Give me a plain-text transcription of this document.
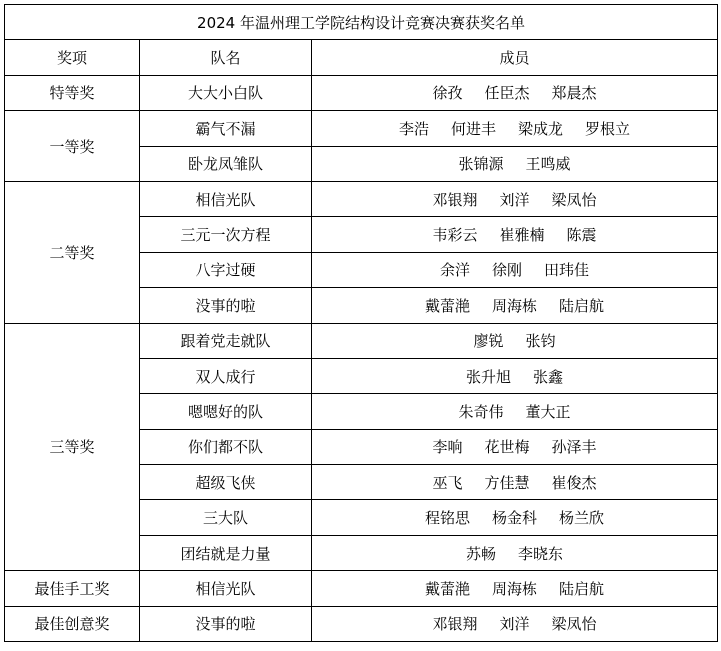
2024 年温州理工学院结构设计竞赛决赛获奖名单		
奖项	队名	成员
特等奖	大大小白队	徐孜 任臣杰 郑晨杰
一等奖	霸气不漏	李浩 何进丰 梁成龙 罗根立
	卧龙凤雏队	张锦源 王鸣威
二等奖	相信光队	邓银翔 刘洋 梁凤怡
	三元一次方程	韦彩云 崔雅楠 陈震
	八字过硬	余洋 徐刚 田玮佳
	没事的啦	戴蕾滟 周海栋 陆启航
三等奖	跟着党走就队	廖锐 张钧
	双人成行	张升旭 张鑫
	嗯嗯好的队	朱奇伟 董大正
	你们都不队	李响 花世梅 孙泽丰
	超级飞侠	巫飞 方佳慧 崔俊杰
	三大队	程铭思 杨金科 杨兰欣
	团结就是力量	苏畅 李晓东
最佳手工奖	相信光队	戴蕾滟 周海栋 陆启航
最佳创意奖	没事的啦	邓银翔 刘洋 梁凤怡
